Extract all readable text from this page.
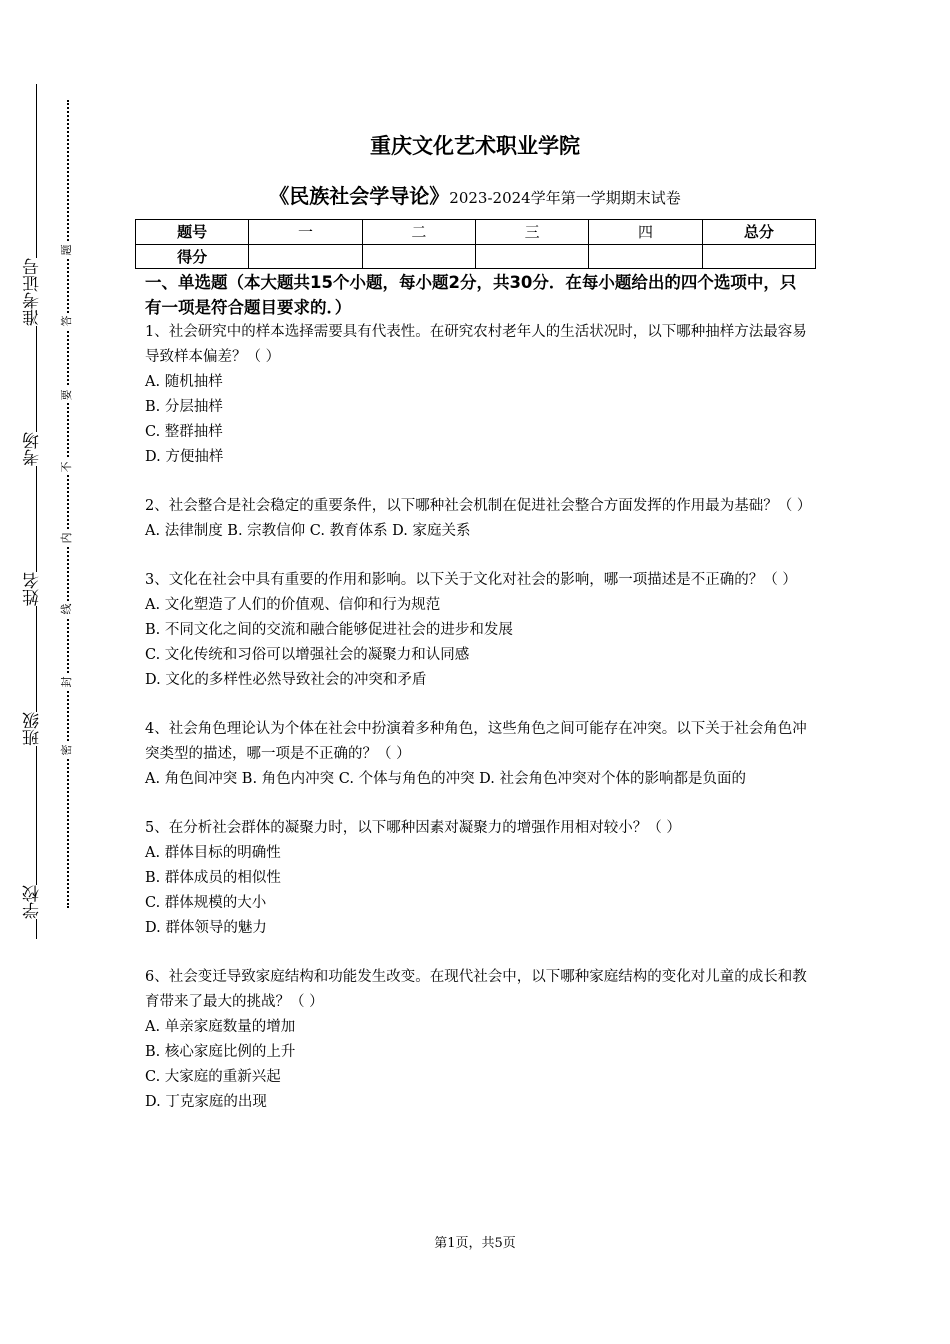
学校
班级
姓名
考场
准考证号
密
封
线
内
不
要
答
题
重庆文化艺术职业学院
《民族社会学导论》2023-2024学年第一学期期末试卷
题号	一	二	三	四	总分
得分					
一、单选题（本大题共15个小题，每小题2分，共30分．在每小题给出的四个选项中，只有一项是符合题目要求的．）
1、社会研究中的样本选择需要具有代表性。在研究农村老年人的生活状况时，以下哪种抽样方法最容易导致样本偏差？（ ）
A. 随机抽样
B. 分层抽样
C. 整群抽样
D. 方便抽样
2、社会整合是社会稳定的重要条件，以下哪种社会机制在促进社会整合方面发挥的作用最为基础？（ ）
A. 法律制度 B. 宗教信仰 C. 教育体系 D. 家庭关系
3、文化在社会中具有重要的作用和影响。以下关于文化对社会的影响，哪一项描述是不正确的？（ ）
A. 文化塑造了人们的价值观、信仰和行为规范
B. 不同文化之间的交流和融合能够促进社会的进步和发展
C. 文化传统和习俗可以增强社会的凝聚力和认同感
D. 文化的多样性必然导致社会的冲突和矛盾
4、社会角色理论认为个体在社会中扮演着多种角色，这些角色之间可能存在冲突。以下关于社会角色冲突类型的描述，哪一项是不正确的？（ ）
A. 角色间冲突 B. 角色内冲突 C. 个体与角色的冲突 D. 社会角色冲突对个体的影响都是负面的
5、在分析社会群体的凝聚力时，以下哪种因素对凝聚力的增强作用相对较小？（ ）
A. 群体目标的明确性
B. 群体成员的相似性
C. 群体规模的大小
D. 群体领导的魅力
6、社会变迁导致家庭结构和功能发生改变。在现代社会中，以下哪种家庭结构的变化对儿童的成长和教育带来了最大的挑战？（ ）
A. 单亲家庭数量的增加
B. 核心家庭比例的上升
C. 大家庭的重新兴起
D. 丁克家庭的出现
第1页，共5页
